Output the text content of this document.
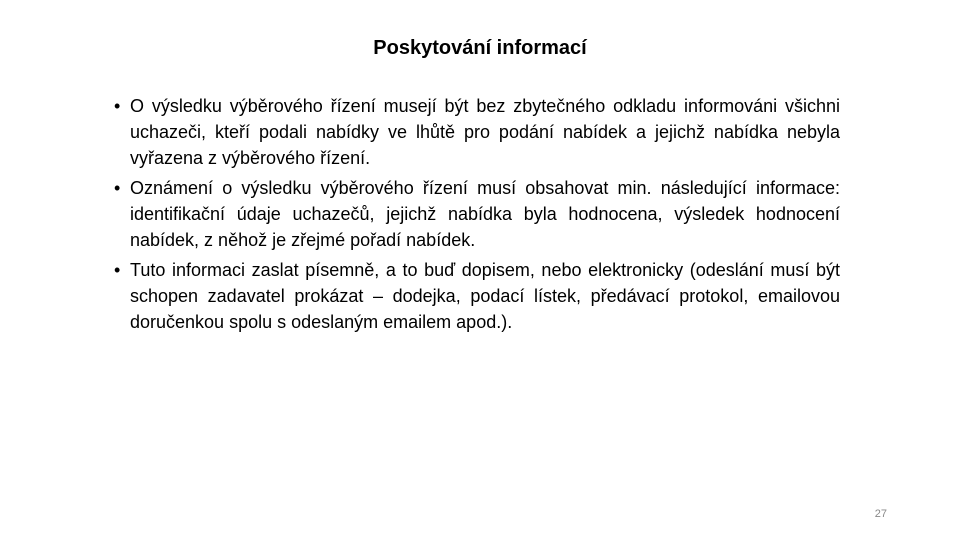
Poskytování informací
• O výsledku výběrového řízení musejí být bez zbytečného odkladu informováni všichni uchazeči, kteří podali nabídky ve lhůtě pro podání nabídek a jejichž nabídka nebyla vyřazena z výběrového řízení.
• Oznámení o výsledku výběrového řízení musí obsahovat min. následující informace: identifikační údaje uchazečů, jejichž nabídka byla hodnocena, výsledek hodnocení nabídek, z něhož je zřejmé pořadí nabídek.
• Tuto informaci zaslat písemně, a to buď dopisem, nebo elektronicky (odeslání musí být schopen zadavatel prokázat – dodejka, podací lístek, předávací protokol, emailovou doručenkou spolu s odeslaným emailem apod.).
27
